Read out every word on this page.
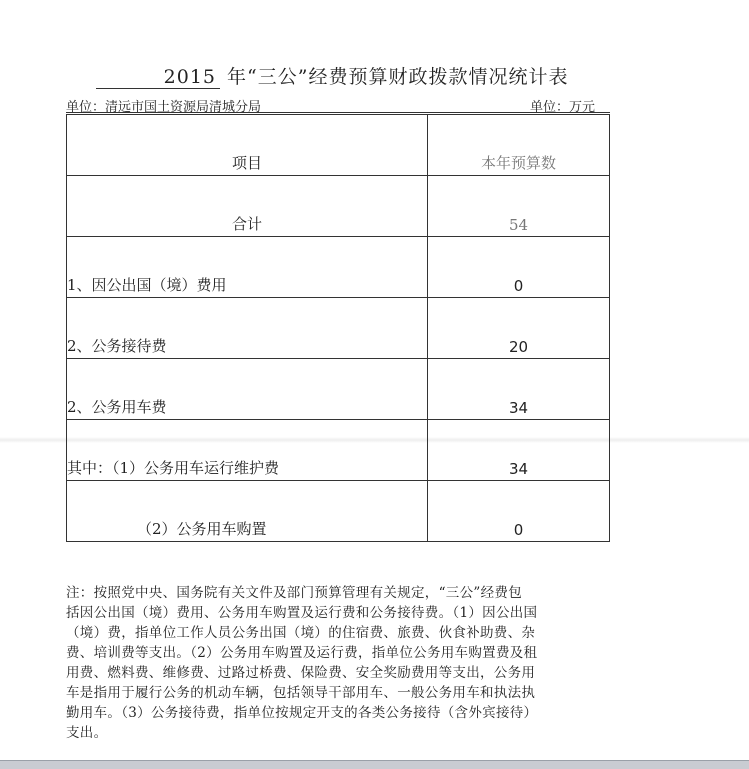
2015 年“三公”经费预算财政拨款情况统计表
单位：清远市国土资源局清城分局	单位：万元
项目	本年预算数
合计	54
1、因公出国（境）费用	0
2、公务接待费	20
2、公务用车费	34
其中：（1）公务用车运行维护费	34
（2）公务用车购置	0
注：按照党中央、国务院有关文件及部门预算管理有关规定，“三公”经费包
括因公出国（境）费用、公务用车购置及运行费和公务接待费。（1）因公出国
（境）费，指单位工作人员公务出国（境）的住宿费、旅费、伙食补助费、杂
费、培训费等支出。（2）公务用车购置及运行费，指单位公务用车购置费及租
用费、燃料费、维修费、过路过桥费、保险费、安全奖励费用等支出，公务用
车是指用于履行公务的机动车辆，包括领导干部用车、一般公务用车和执法执
勤用车。（3）公务接待费，指单位按规定开支的各类公务接待（含外宾接待）
支出。
